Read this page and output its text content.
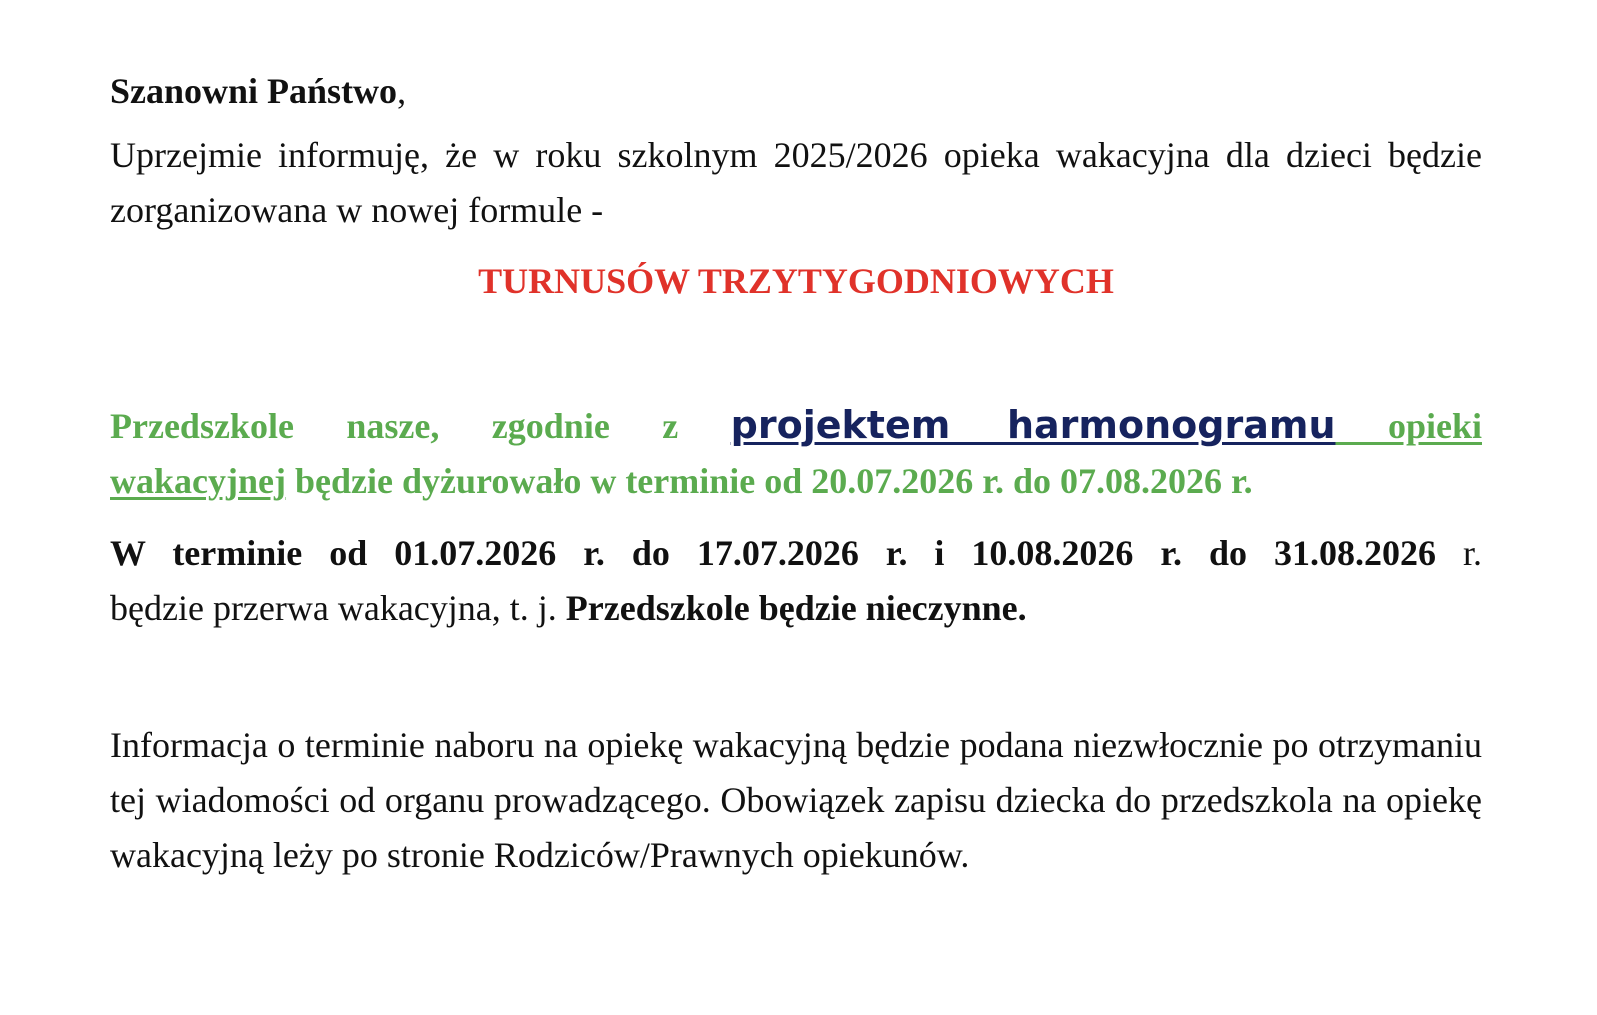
Szanowni Państwo,
Uprzejmie informuję, że w roku szkolnym 2025/2026 opieka wakacyjna dla dzieci będzie zorganizowana w nowej formule -
TURNUSÓW TRZYTYGODNIOWYCH
Przedszkole nasze, zgodnie z projektem harmonogramu opieki
wakacyjnej będzie dyżurowało w terminie od 20.07.2026 r. do 07.08.2026 r.
W terminie od 01.07.2026 r. do 17.07.2026 r. i 10.08.2026 r. do 31.08.2026 r.
będzie przerwa wakacyjna, t. j. Przedszkole będzie nieczynne.
Informacja o terminie naboru na opiekę wakacyjną będzie podana niezwłocznie po otrzymaniu tej wiadomości od organu prowadzącego. Obowiązek zapisu dziecka do przedszkola na opiekę wakacyjną leży po stronie Rodziców/Prawnych opiekunów.
